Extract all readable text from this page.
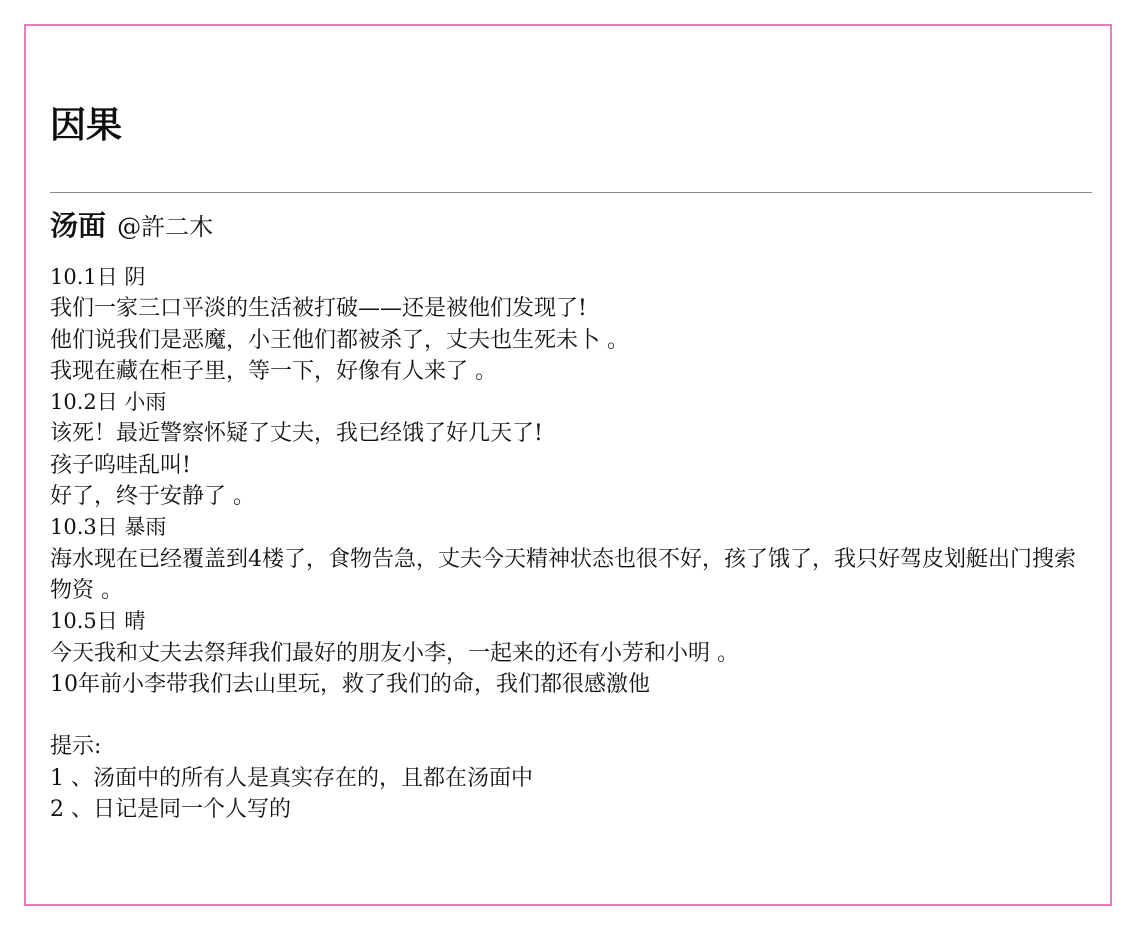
因果
汤面 @許二木
10.1日 阴
我们一家三口平淡的生活被打破——还是被他们发现了!
他们说我们是恶魔，小王他们都被杀了，丈夫也生死未卜 。
我现在藏在柜子里，等一下，好像有人来了 。
10.2日 小雨
该死！最近警察怀疑了丈夫，我已经饿了好几天了!
孩子呜哇乱叫!
好了，终于安静了 。
10.3日 暴雨
海水现在已经覆盖到4楼了，食物告急，丈夫今天精神状态也很不好，孩了饿了，我只好驾皮划艇出门搜索物资 。
10.5日 晴
今天我和丈夫去祭拜我们最好的朋友小李，一起来的还有小芳和小明 。
10年前小李带我们去山里玩，救了我们的命，我们都很感激他
提示:
1 、汤面中的所有人是真实存在的，且都在汤面中
2 、日记是同一个人写的
